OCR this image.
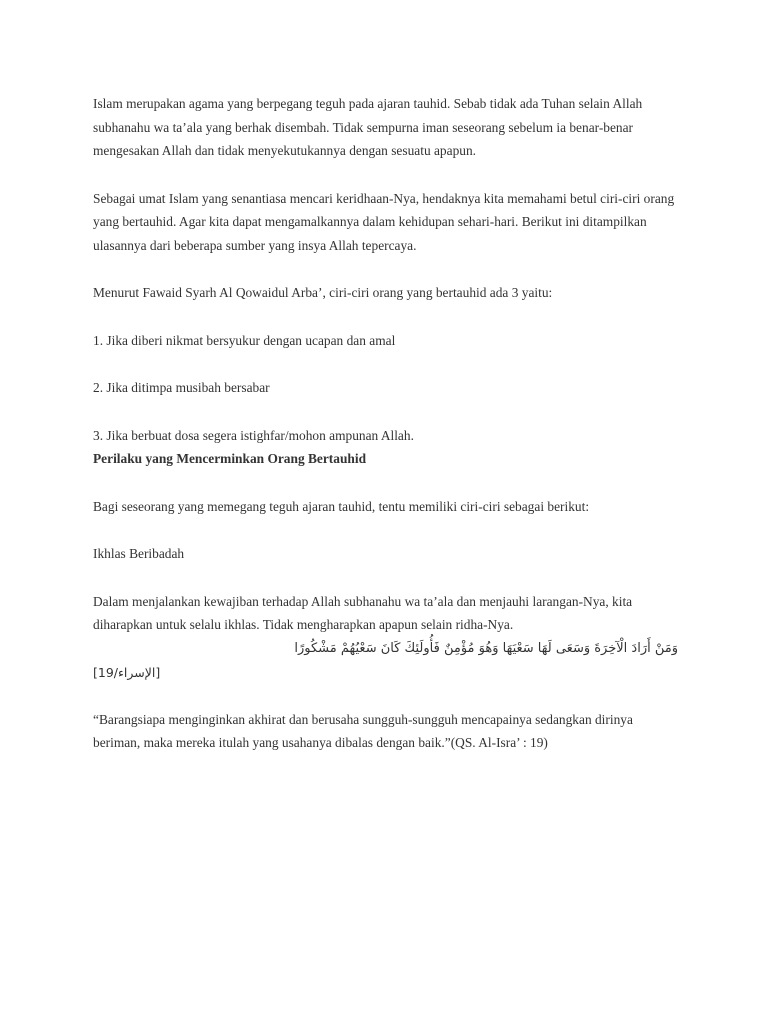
Islam merupakan agama yang berpegang teguh pada ajaran tauhid. Sebab tidak ada Tuhan selain Allah subhanahu wa ta’ala yang berhak disembah. Tidak sempurna iman seseorang sebelum ia benar-benar mengesakan Allah dan tidak menyekutukannya dengan sesuatu apapun.

Sebagai umat Islam yang senantiasa mencari keridhaan-Nya, hendaknya kita memahami betul ciri-ciri orang yang bertauhid. Agar kita dapat mengamalkannya dalam kehidupan sehari-hari. Berikut ini ditampilkan ulasannya dari beberapa sumber yang insya Allah tepercaya.

Menurut Fawaid Syarh Al Qowaidul Arba’, ciri-ciri orang yang bertauhid ada 3 yaitu:

1. Jika diberi nikmat bersyukur dengan ucapan dan amal

2. Jika ditimpa musibah bersabar

3. Jika berbuat dosa segera istighfar/mohon ampunan Allah.

Perilaku yang Mencerminkan Orang Bertauhid

Bagi seseorang yang memegang teguh ajaran tauhid, tentu memiliki ciri-ciri sebagai berikut:

Ikhlas Beribadah

Dalam menjalankan kewajiban terhadap Allah subhanahu wa ta’ala dan menjauhi larangan-Nya, kita diharapkan untuk selalu ikhlas. Tidak mengharapkan apapun selain ridha-Nya.

وَمَنْ أَرَادَ الْآخِرَةَ وَسَعَى لَهَا سَعْيَهَا وَهُوَ مُؤْمِنٌ فَأُولَئِكَ كَانَ سَعْيُهُمْ مَشْكُورًا

[الإسراء/19]

“Barangsiapa menginginkan akhirat dan berusaha sungguh-sungguh mencapainya sedangkan dirinya beriman, maka mereka itulah yang usahanya dibalas dengan baik.”(QS. Al-Isra’ : 19)
